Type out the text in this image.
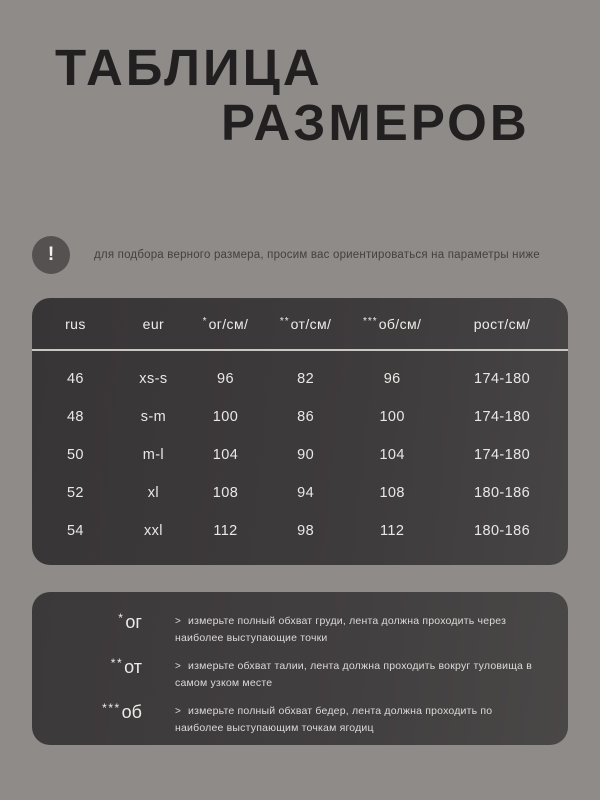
ТАБЛИЦА
РАЗМЕРОВ
!	для подбора верного размера, просим вас ориентироваться на параметры ниже
rus	eur	*ог/см/	**от/см/	***об/см/	рост/см/
46	xs-s	96	82	96	174-180
48	s-m	100	86	100	174-180
50	m-l	104	90	104	174-180
52	xl	108	94	108	180-186
54	xxl	112	98	112	180-186
*ог	> измерьте полный обхват груди, лента должна проходить через наиболее выступающие точки
**от	> измерьте обхват талии, лента должна проходить вокруг туловища в самом узком месте
***об	> измерьте полный обхват бедер, лента должна проходить по наиболее выступающим точкам ягодиц
